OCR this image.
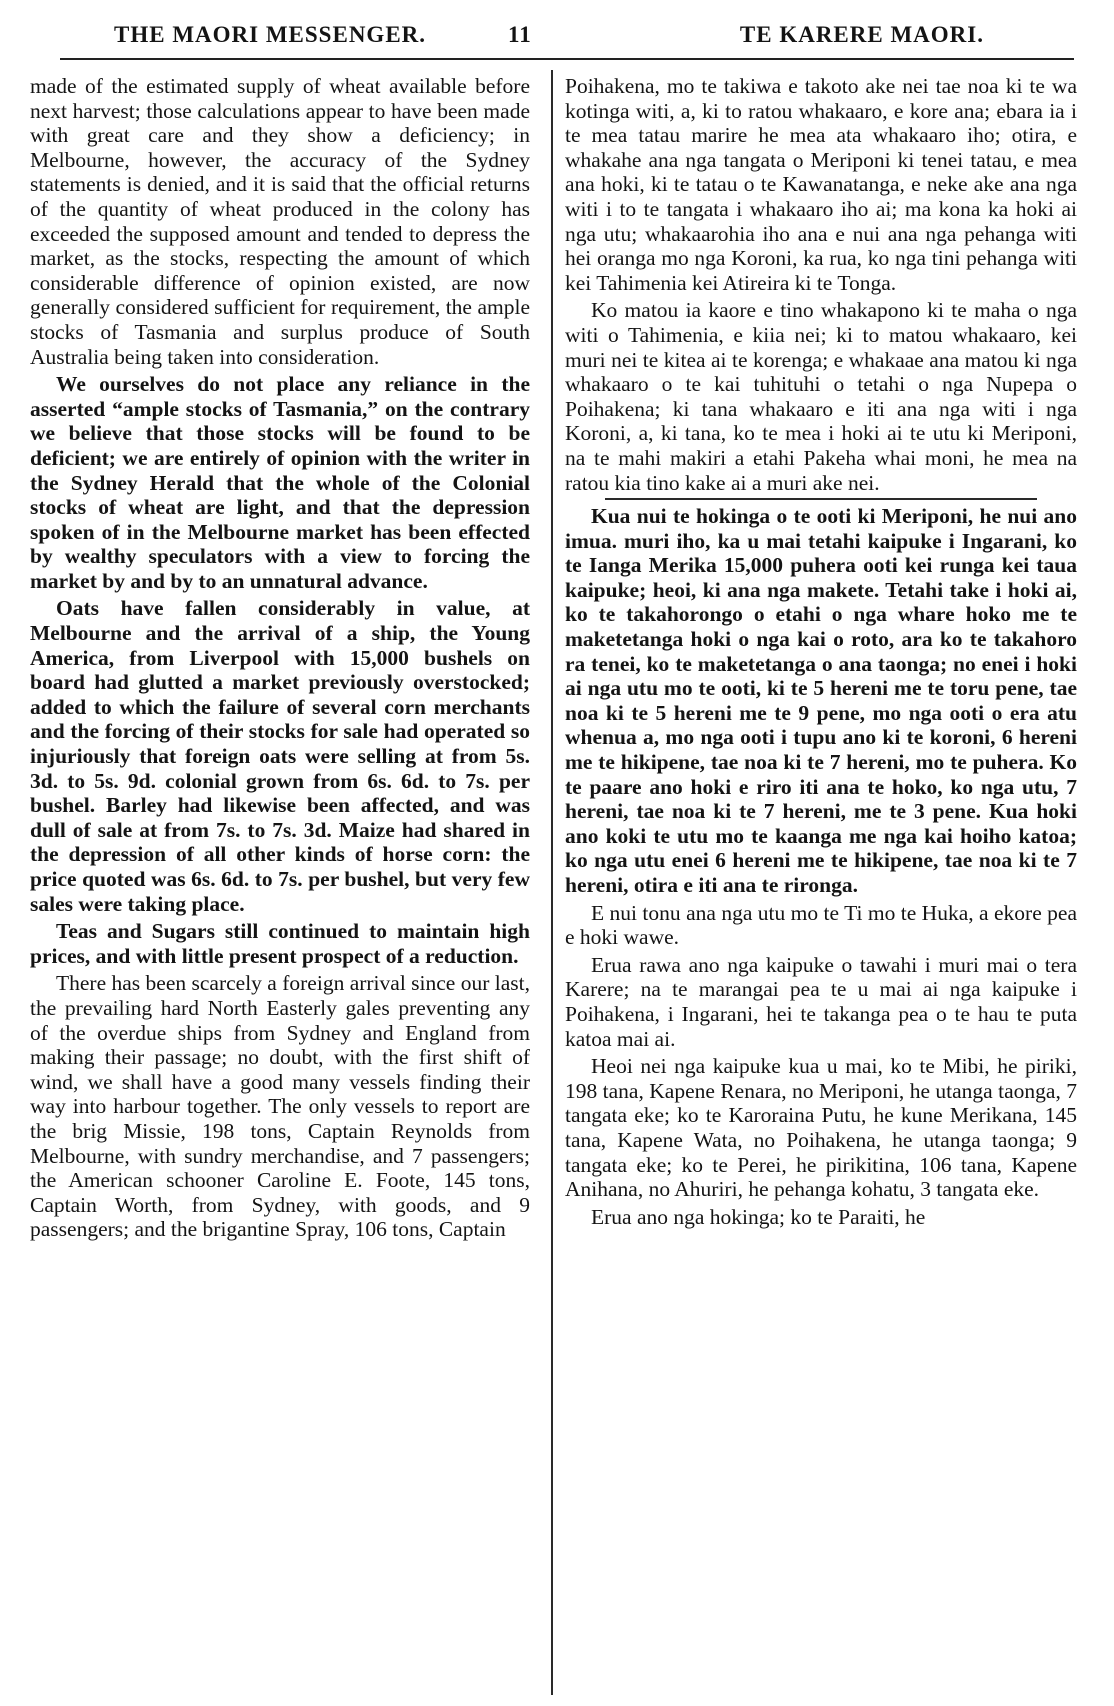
THE MAORI MESSENGER.	11	TE KARERE MAORI.

made of the estimated supply of wheat available before next harvest; those calculations appear to have been made with great care and they show a deficiency; in Melbourne, however, the accuracy of the Sydney statements is denied, and it is said that the official returns of the quantity of wheat produced in the colony has exceeded the supposed amount and tended to depress the market, as the stocks, respecting the amount of which considerable difference of opinion existed, are now generally considered sufficient for requirement, the ample stocks of Tasmania and surplus produce of South Australia being taken into consideration.

We ourselves do not place any reliance in the asserted “ample stocks of Tasmania,” on the contrary we believe that those stocks will be found to be deficient; we are entirely of opinion with the writer in the Sydney Herald that the whole of the Colonial stocks of wheat are light, and that the depression spoken of in the Melbourne market has been effected by wealthy speculators with a view to forcing the market by and by to an unnatural advance.

Oats have fallen considerably in value, at Melbourne and the arrival of a ship, the Young America, from Liverpool with 15,000 bushels on board had glutted a market previously overstocked; added to which the failure of several corn merchants and the forcing of their stocks for sale had operated so injuriously that foreign oats were selling at from 5s. 3d. to 5s. 9d. colonial grown from 6s. 6d. to 7s. per bushel. Barley had likewise been affected, and was dull of sale at from 7s. to 7s. 3d. Maize had shared in the depression of all other kinds of horse corn: the price quoted was 6s. 6d. to 7s. per bushel, but very few sales were taking place.

Teas and Sugars still continued to maintain high prices, and with little present prospect of a reduction.

There has been scarcely a foreign arrival since our last, the prevailing hard North Easterly gales preventing any of the overdue ships from Sydney and England from making their passage; no doubt, with the first shift of wind, we shall have a good many vessels finding their way into harbour together. The only vessels to report are the brig Missie, 198 tons, Captain Reynolds from Melbourne, with sundry merchandise, and 7 passengers; the American schooner Caroline E. Foote, 145 tons, Captain Worth, from Sydney, with goods, and 9 passengers; and the brigantine Spray, 106 tons, Captain

Poihakena, mo te takiwa e takoto ake nei tae noa ki te wa kotinga witi, a, ki to ratou whakaaro, e kore ana; ebara ia i te mea tatau marire he mea ata whakaaro iho; otira, e whakahe ana nga tangata o Meriponi ki tenei tatau, e mea ana hoki, ki te tatau o te Kawanatanga, e neke ake ana nga witi i to te tangata i whakaaro iho ai; ma kona ka hoki ai nga utu; whakaarohia iho ana e nui ana nga pehanga witi hei oranga mo nga Koroni, ka rua, ko nga tini pehanga witi kei Tahimenia kei Atireira ki te Tonga.

Ko matou ia kaore e tino whakapono ki te maha o nga witi o Tahimenia, e kiia nei; ki to matou whakaaro, kei muri nei te kitea ai te korenga; e whakaae ana matou ki nga whakaaro o te kai tuhituhi o tetahi o nga Nupepa o Poihakena; ki tana whakaaro e iti ana nga witi i nga Koroni, a, ki tana, ko te mea i hoki ai te utu ki Meriponi, na te mahi makiri a etahi Pakeha whai moni, he mea na ratou kia tino kake ai a muri ake nei.

Kua nui te hokinga o te ooti ki Meriponi, he nui ano imua. muri iho, ka u mai tetahi kaipuke i Ingarani, ko te Ianga Merika 15,000 puhera ooti kei runga kei taua kaipuke; heoi, ki ana nga makete. Tetahi take i hoki ai, ko te takahorongo o etahi o nga whare hoko me te maketetanga hoki o nga kai o roto, ara ko te takahoro ra tenei, ko te maketetanga o ana taonga; no enei i hoki ai nga utu mo te ooti, ki te 5 hereni me te toru pene, tae noa ki te 5 hereni me te 9 pene, mo nga ooti o era atu whenua a, mo nga ooti i tupu ano ki te koroni, 6 hereni me te hikipene, tae noa ki te 7 hereni, mo te puhera. Ko te paare ano hoki e riro iti ana te hoko, ko nga utu, 7 hereni, tae noa ki te 7 hereni, me te 3 pene. Kua hoki ano koki te utu mo te kaanga me nga kai hoiho katoa; ko nga utu enei 6 hereni me te hikipene, tae noa ki te 7 hereni, otira e iti ana te rironga.

E nui tonu ana nga utu mo te Ti mo te Huka, a ekore pea e hoki wawe.

Erua rawa ano nga kaipuke o tawahi i muri mai o tera Karere; na te marangai pea te u mai ai nga kaipuke i Poihakena, i Ingarani, hei te takanga pea o te hau te puta katoa mai ai.

Heoi nei nga kaipuke kua u mai, ko te Mibi, he piriki, 198 tana, Kapene Renara, no Meriponi, he utanga taonga, 7 tangata eke; ko te Karoraina Putu, he kune Merikana, 145 tana, Kapene Wata, no Poihakena, he utanga taonga; 9 tangata eke; ko te Perei, he pirikitina, 106 tana, Kapene Anihana, no Ahuriri, he pehanga kohatu, 3 tangata eke.

Erua ano nga hokinga; ko te Paraiti, he
